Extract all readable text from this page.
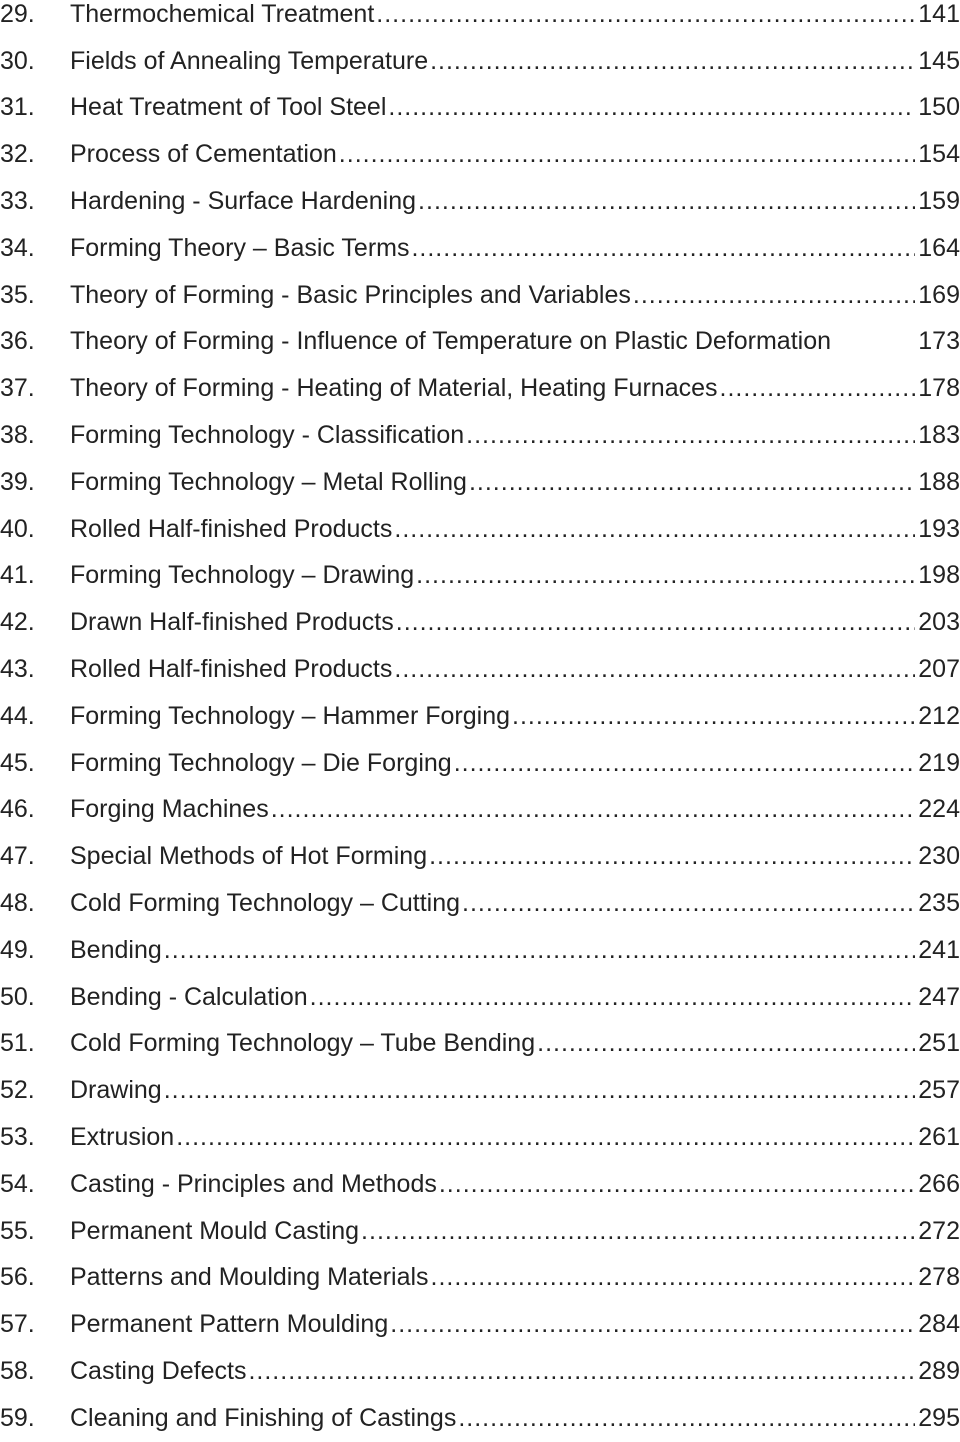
29.	Thermochemical Treatment .....	141
30.	Fields of Annealing Temperature .....	145
31.	Heat Treatment of Tool Steel .....	150
32.	Process of Cementation .....	154
33.	Hardening - Surface Hardening .....	159
34.	Forming Theory – Basic Terms .....	164
35.	Theory of Forming - Basic Principles and Variables .....	169
36.	Theory of Forming - Influence of Temperature on Plastic Deformation	173
37.	Theory of Forming - Heating of Material, Heating Furnaces .....	178
38.	Forming Technology - Classification .....	183
39.	Forming Technology – Metal Rolling .....	188
40.	Rolled Half-finished Products .....	193
41.	Forming Technology – Drawing .....	198
42.	Drawn Half-finished Products .....	203
43.	Rolled Half-finished Products .....	207
44.	Forming Technology – Hammer Forging .....	212
45.	Forming Technology – Die Forging .....	219
46.	Forging Machines .....	224
47.	Special Methods of Hot Forming .....	230
48.	Cold Forming Technology – Cutting .....	235
49.	Bending .....	241
50.	Bending - Calculation .....	247
51.	Cold Forming Technology – Tube Bending .....	251
52.	Drawing .....	257
53.	Extrusion .....	261
54.	Casting - Principles and Methods .....	266
55.	Permanent Mould Casting .....	272
56.	Patterns and Moulding Materials .....	278
57.	Permanent Pattern Moulding .....	284
58.	Casting Defects .....	289
59.	Cleaning and Finishing of Castings .....	295
